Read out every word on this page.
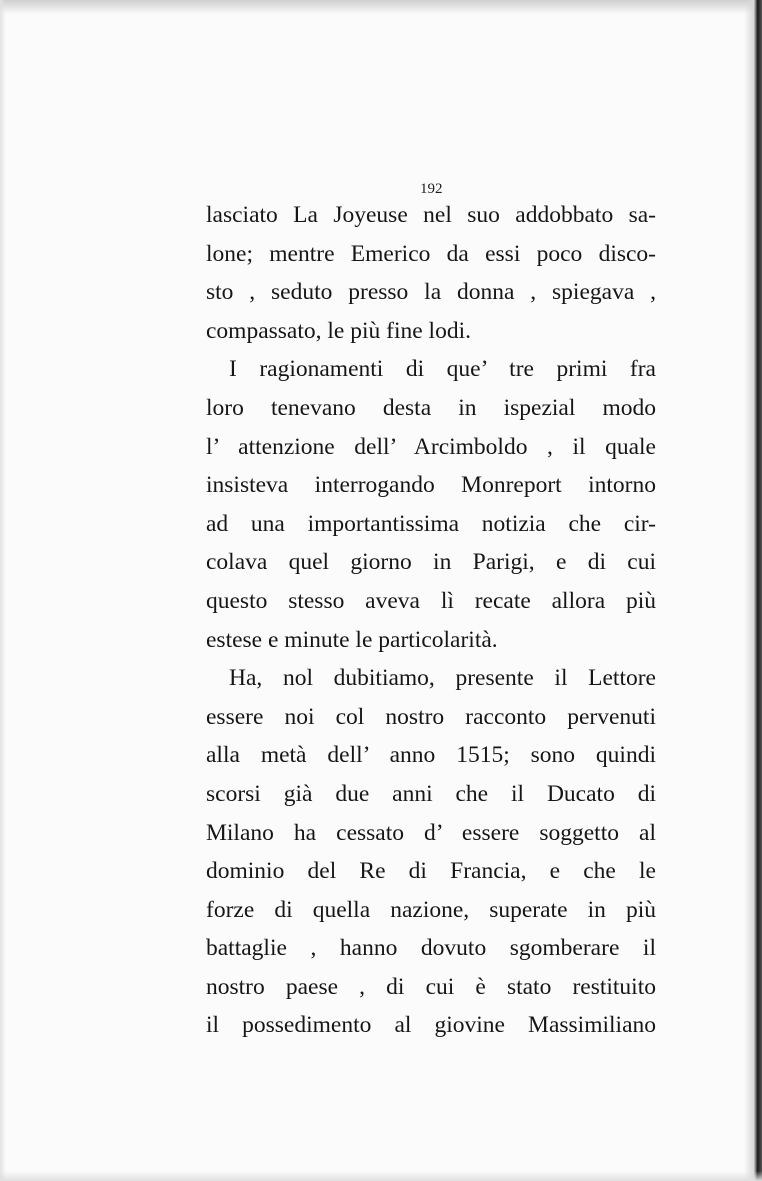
192

lasciato La Joyeuse nel suo addobbato sa-
lone; mentre Emerico da essi poco disco-
sto , seduto presso la donna , spiegava ,
compassato, le più fine lodi.

I ragionamenti di que’ tre primi fra
loro tenevano desta in ispezial modo
l’ attenzione dell’ Arcimboldo , il quale
insisteva interrogando Monreport intorno
ad una importantissima notizia che cir-
colava quel giorno in Parigi, e di cui
questo stesso aveva lì recate allora più
estese e minute le particolarità.

Ha, nol dubitiamo, presente il Lettore
essere noi col nostro racconto pervenuti
alla metà dell’ anno 1515; sono quindi
scorsi già due anni che il Ducato di
Milano ha cessato d’ essere soggetto al
dominio del Re di Francia, e che le
forze di quella nazione, superate in più
battaglie , hanno dovuto sgomberare il
nostro paese , di cui è stato restituito
il possedimento al giovine Massimiliano
